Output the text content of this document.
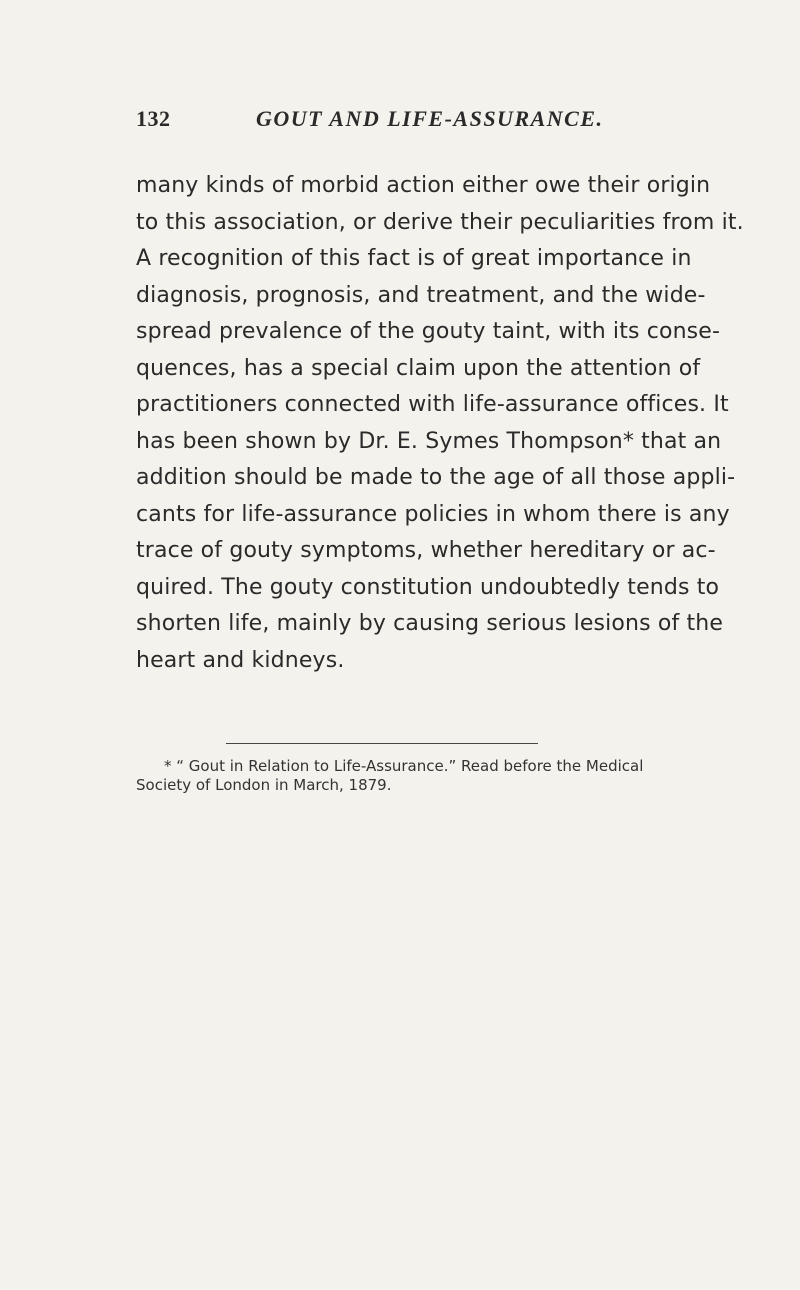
132	GOUT AND LIFE-ASSURANCE.
many kinds of morbid action either owe their origin
to this association, or derive their peculiarities from it.
A recognition of this fact is of great importance in
diagnosis, prognosis, and treatment, and the wide-
spread prevalence of the gouty taint, with its conse-
quences, has a special claim upon the attention of
practitioners connected with life-assurance offices. It
has been shown by Dr. E. Symes Thompson* that an
addition should be made to the age of all those appli-
cants for life-assurance policies in whom there is any
trace of gouty symptoms, whether hereditary or ac-
quired. The gouty constitution undoubtedly tends to
shorten life, mainly by causing serious lesions of the
heart and kidneys.
* “ Gout in Relation to Life-Assurance.” Read before the Medical
Society of London in March, 1879.
